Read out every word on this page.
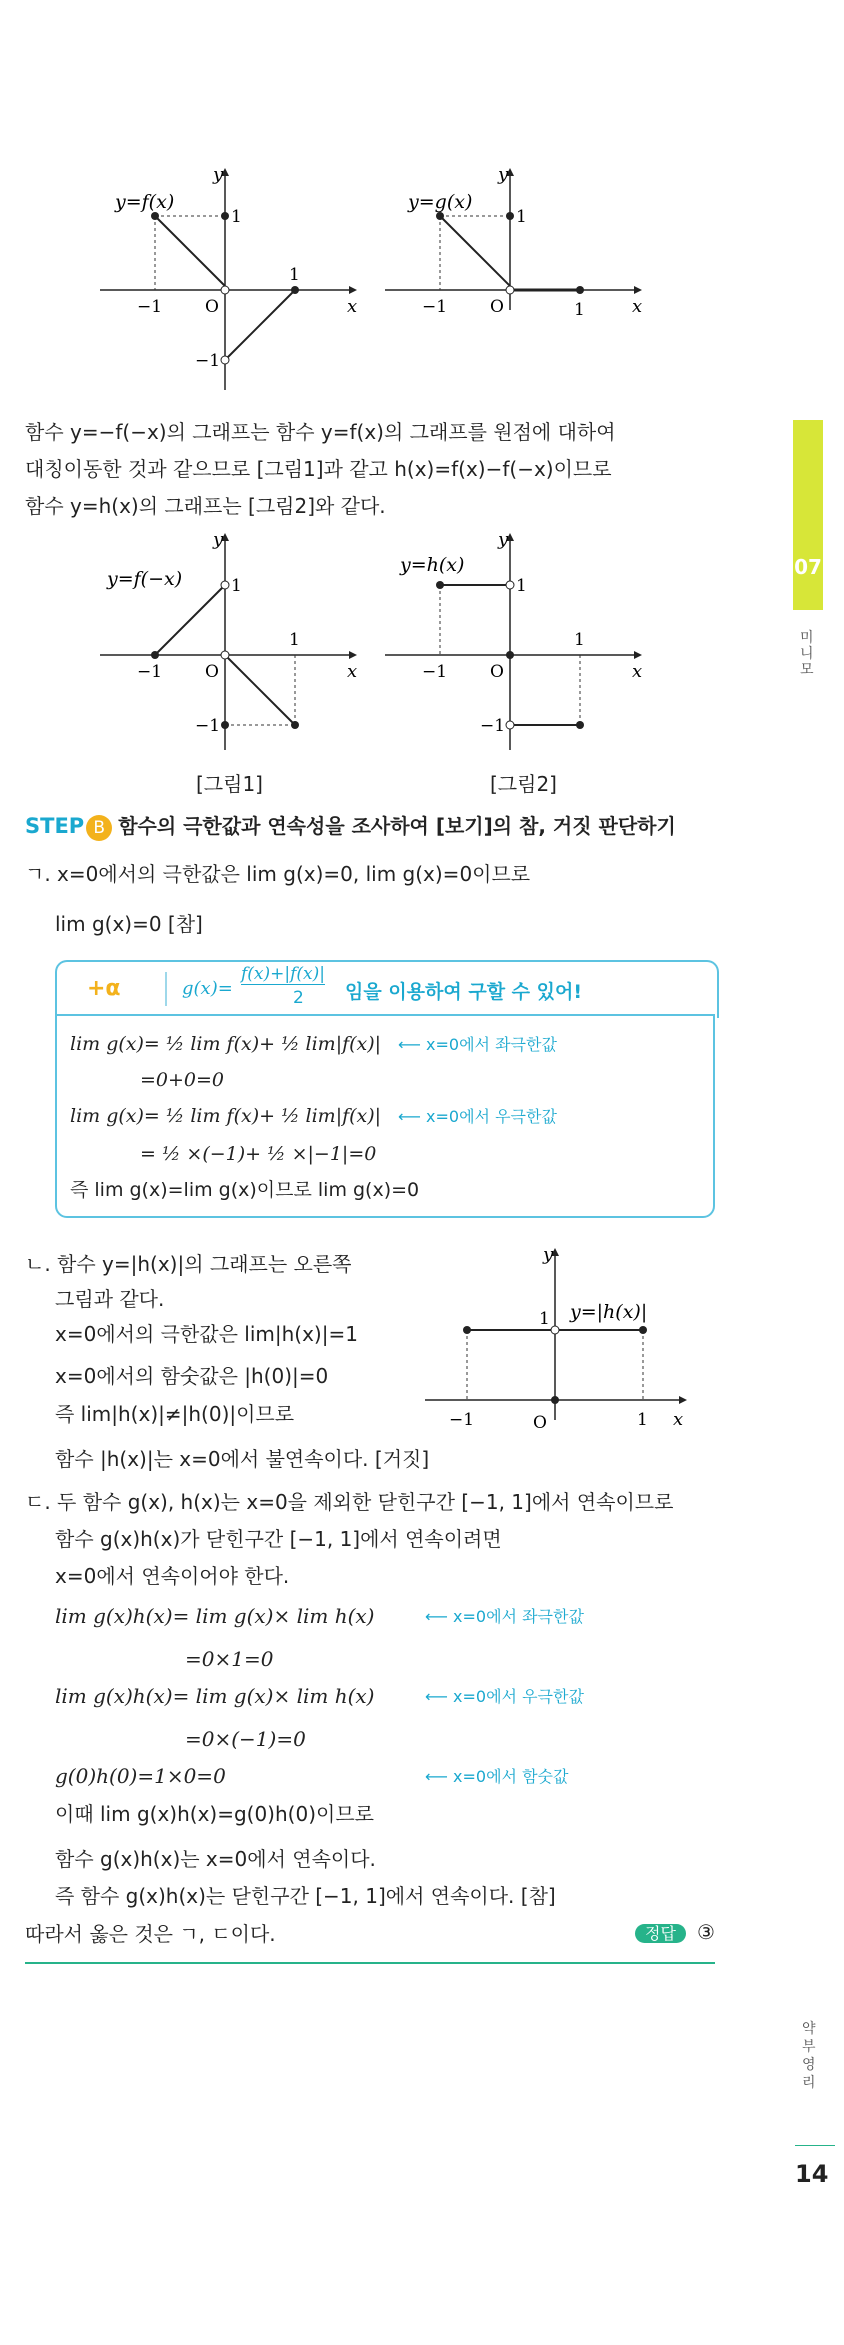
y=f(x)
y
x
1
1
−1	O
−1
y=g(x)
y
x
1
1
−1	O
함수 y=−f(−x)의 그래프는 함수 y=f(x)의 그래프를 원점에 대하여
대칭이동한 것과 같으므로 [그림1]과 같고 h(x)=f(x)−f(−x)이므로
함수 y=h(x)의 그래프는 [그림2]와 같다.
y=f(−x)
y
x
1
1
−1	O
−1
y=h(x)
y
x
1
1
−1	O
−1
[그림1]	[그림2]
STEP B 함수의 극한값과 연속성을 조사하여 [보기]의 참, 거짓 판단하기
ㄱ. x=0에서의 극한값은 lim g(x)=0, lim g(x)=0이므로
lim g(x)=0 [참]
+α	g(x)=
f(x)+|f(x)|
2 임을 이용하여 구할 수 있어!
lim g(x)= ½ lim f(x)+ ½ lim|f(x)| ⟵ x=0에서 좌극한값
=0+0=0
lim g(x)= ½ lim f(x)+ ½ lim|f(x)| ⟵ x=0에서 우극한값
= ½ ×(−1)+ ½ ×|−1|=0
즉 lim g(x)=lim g(x)이므로 lim g(x)=0
ㄴ. 함수 y=|h(x)|의 그래프는 오른쪽
그림과 같다.
x=0에서의 극한값은 lim|h(x)|=1
x=0에서의 함숫값은 |h(0)|=0
즉 lim|h(x)|≠|h(0)|이므로
함수 |h(x)|는 x=0에서 불연속이다. [거짓]
y=|h(x)|
y
x
1
1
−1	O
ㄷ. 두 함수 g(x), h(x)는 x=0을 제외한 닫힌구간 [−1, 1]에서 연속이므로
함수 g(x)h(x)가 닫힌구간 [−1, 1]에서 연속이려면
x=0에서 연속이어야 한다.
lim g(x)h(x)= lim g(x)× lim h(x)	⟵ x=0에서 좌극한값
=0×1=0
lim g(x)h(x)= lim g(x)× lim h(x)	⟵ x=0에서 우극한값
=0×(−1)=0
g(0)h(0)=1×0=0	⟵ x=0에서 함숫값
이때 lim g(x)h(x)=g(0)h(0)이므로
함수 g(x)h(x)는 x=0에서 연속이다.
즉 함수 g(x)h(x)는 닫힌구간 [−1, 1]에서 연속이다. [참]
따라서 옳은 것은 ㄱ, ㄷ이다.	정답 ③
07
미 니 모
약 부 영 리
14
